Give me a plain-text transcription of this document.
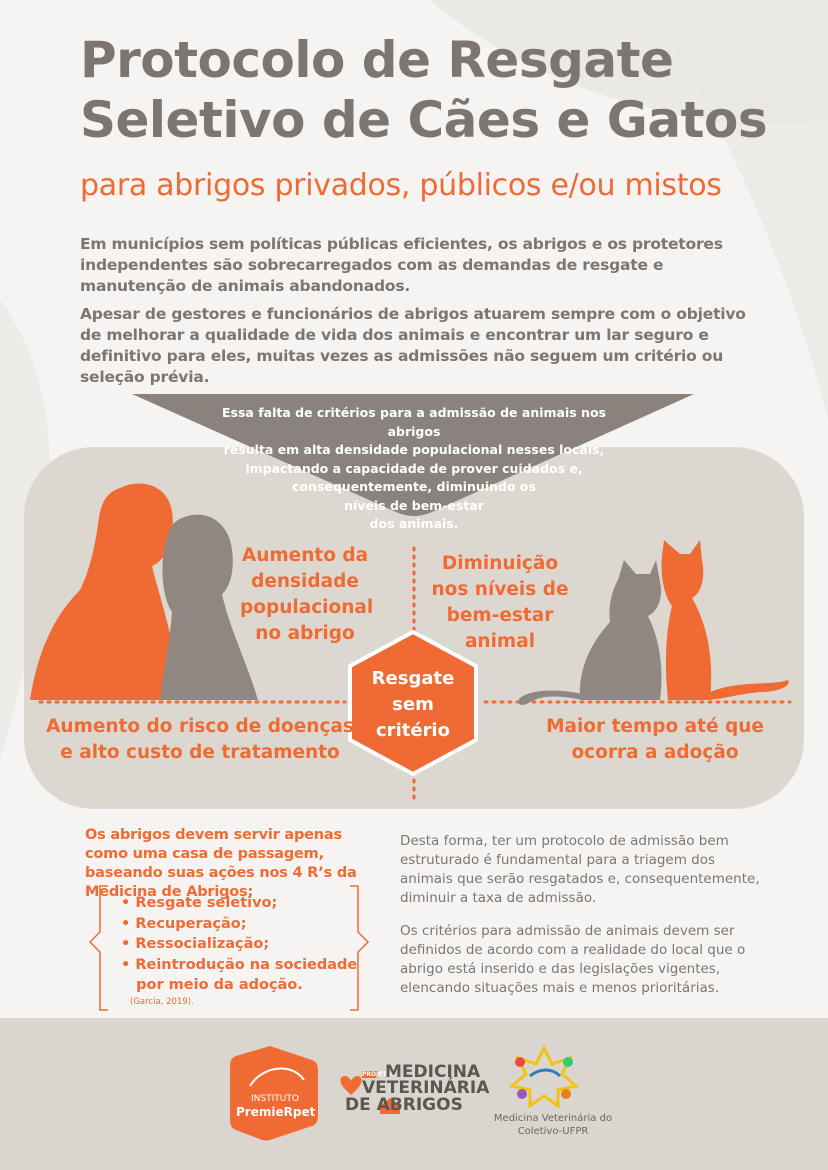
Protocolo de Resgate
Seletivo de Cães e Gatos
para abrigos privados, públicos e/ou mistos
Em municípios sem políticas públicas eficientes, os abrigos e os protetores independentes são sobrecarregados com as demandas de resgate e manutenção de animais abandonados.
Apesar de gestores e funcionários de abrigos atuarem sempre com o objetivo de melhorar a qualidade de vida dos animais e encontrar um lar seguro e definitivo para eles, muitas vezes as admissões não seguem um critério ou seleção prévia.
Essa falta de critérios para a admissão de animais nos abrigos
resulta em alta densidade populacional nesses locais,
impactando a capacidade de prover cuidados e,
consequentemente, diminuindo os
níveis de bem-estar
dos animais.
Aumento da
densidade
populacional
no abrigo
Diminuição
nos níveis de
bem-estar
animal
Aumento do risco de doenças
e alto custo de tratamento
Maior tempo até que
ocorra a adoção
Resgate
sem
critério
Os abrigos devem servir apenas como uma casa de passagem, baseando suas ações nos 4 R’s da Medicina de Abrigos:
• Resgate seletivo;
• Recuperação;
• Ressocialização;
• Reintrodução na sociedade
por meio da adoção.
(Garcia, 2019).
Desta forma, ter um protocolo de admissão bem estruturado é fundamental para a triagem dos animais que serão resgatados e, consequentemente, diminuir a taxa de admissão.
Os critérios para admissão de animais devem ser definidos de acordo com a realidade do local que o abrigo está inserido e das legislações vigentes, elencando situações mais e menos prioritárias.
INSTITUTO
PremieRpet
PROJETO
MEDICINA
VETERINÁRIA
DE ABRIGOS
Medicina Veterinária do
Coletivo-UFPR
